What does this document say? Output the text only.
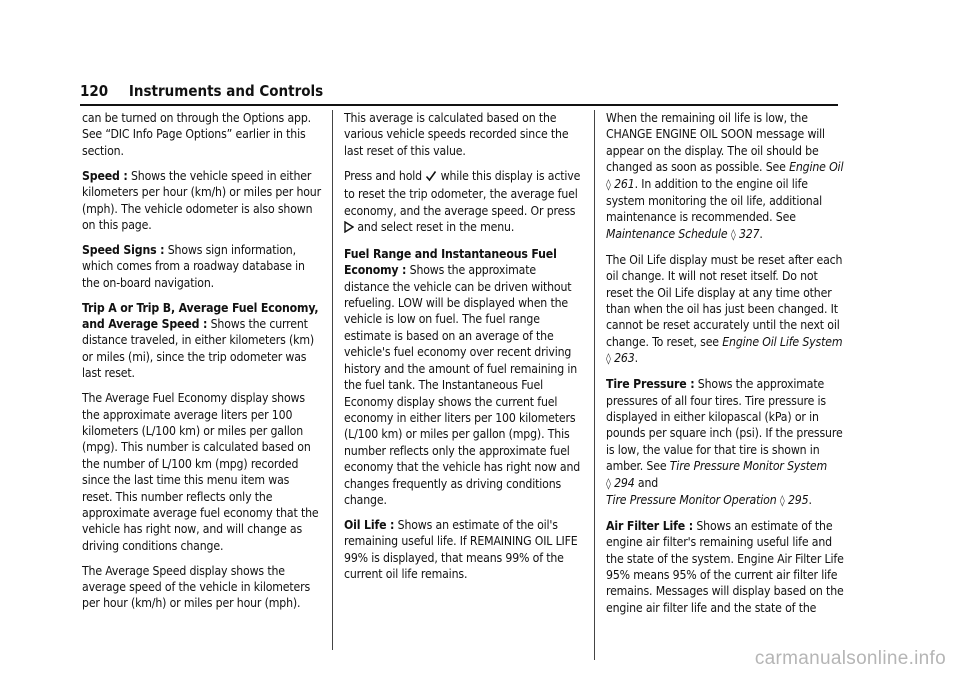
120 Instruments and Controls

can be turned on through the Options app. See “DIC Info Page Options” earlier in this section.

Speed : Shows the vehicle speed in either kilometers per hour (km/h) or miles per hour (mph). The vehicle odometer is also shown on this page.

Speed Signs : Shows sign information, which comes from a roadway database in the on-board navigation.

Trip A or Trip B, Average Fuel Economy, and Average Speed : Shows the current distance traveled, in either kilometers (km) or miles (mi), since the trip odometer was last reset.

The Average Fuel Economy display shows the approximate average liters per 100 kilometers (L/100 km) or miles per gallon (mpg). This number is calculated based on the number of L/100 km (mpg) recorded since the last time this menu item was reset. This number reflects only the approximate average fuel economy that the vehicle has right now, and will change as driving conditions change.

The Average Speed display shows the average speed of the vehicle in kilometers per hour (km/h) or miles per hour (mph).

This average is calculated based on the various vehicle speeds recorded since the last reset of this value.

Press and hold while this display is active to reset the trip odometer, the average fuel economy, and the average speed. Or press  and select reset in the menu.

Fuel Range and Instantaneous Fuel Economy : Shows the approximate distance the vehicle can be driven without refueling. LOW will be displayed when the vehicle is low on fuel. The fuel range estimate is based on an average of the vehicle's fuel economy over recent driving history and the amount of fuel remaining in the fuel tank. The Instantaneous Fuel Economy display shows the current fuel economy in either liters per 100 kilometers (L/100 km) or miles per gallon (mpg). This number reflects only the approximate fuel economy that the vehicle has right now and changes frequently as driving conditions change.

Oil Life : Shows an estimate of the oil's remaining useful life. If REMAINING OIL LIFE 99% is displayed, that means 99% of the current oil life remains.

When the remaining oil life is low, the CHANGE ENGINE OIL SOON message will appear on the display. The oil should be changed as soon as possible. See Engine Oil ◊ 261. In addition to the engine oil life system monitoring the oil life, additional maintenance is recommended. See Maintenance Schedule ◊ 327.

The Oil Life display must be reset after each oil change. It will not reset itself. Do not reset the Oil Life display at any time other than when the oil has just been changed. It cannot be reset accurately until the next oil change. To reset, see Engine Oil Life System ◊ 263.

Tire Pressure : Shows the approximate pressures of all four tires. Tire pressure is displayed in either kilopascal (kPa) or in pounds per square inch (psi). If the pressure is low, the value for that tire is shown in amber. See Tire Pressure Monitor System
◊ 294 and
Tire Pressure Monitor Operation ◊ 295.

Air Filter Life : Shows an estimate of the engine air filter's remaining useful life and the state of the system. Engine Air Filter Life 95% means 95% of the current air filter life remains. Messages will display based on the engine air filter life and the state of the

carmanualsonline.info
